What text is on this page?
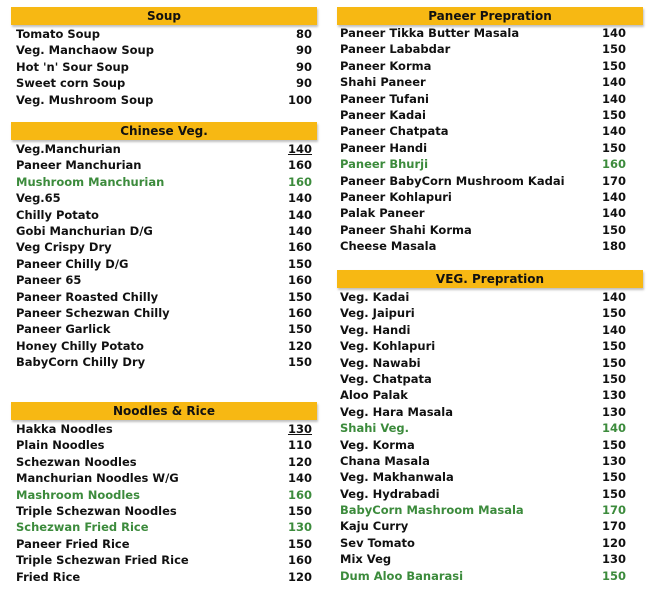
Soup
Tomato Soup	80
Veg. Manchaow Soup	90
Hot 'n' Sour Soup	90
Sweet corn Soup	90
Veg. Mushroom Soup	100
Chinese Veg.
Veg.Manchurian	140
Paneer Manchurian	160
Mushroom Manchurian	160
Veg.65	140
Chilly Potato	140
Gobi Manchurian D/G	140
Veg Crispy Dry	160
Paneer Chilly D/G	150
Paneer 65	160
Paneer Roasted Chilly	150
Paneer Schezwan Chilly	160
Paneer Garlick	150
Honey Chilly Potato	120
BabyCorn Chilly Dry	150
Noodles & Rice
Hakka Noodles	130
Plain Noodles	110
Schezwan Noodles	120
Manchurian Noodles W/G	140
Mashroom Noodles	160
Triple Schezwan Noodles	150
Schezwan Fried Rice	130
Paneer Fried Rice	150
Triple Schezwan Fried Rice	160
Fried Rice	120
Paneer Prepration
Paneer Tikka Butter Masala	140
Paneer Lababdar	150
Paneer Korma	150
Shahi Paneer	140
Paneer Tufani	140
Paneer Kadai	150
Paneer Chatpata	140
Paneer Handi	150
Paneer Bhurji	160
Paneer BabyCorn Mushroom Kadai	170
Paneer Kohlapuri	140
Palak Paneer	140
Paneer Shahi Korma	150
Cheese Masala	180
VEG. Prepration
Veg. Kadai	140
Veg. Jaipuri	150
Veg. Handi	140
Veg. Kohlapuri	150
Veg. Nawabi	150
Veg. Chatpata	150
Aloo Palak	130
Veg. Hara Masala	130
Shahi Veg.	140
Veg. Korma	150
Chana Masala	130
Veg. Makhanwala	150
Veg. Hydrabadi	150
BabyCorn Mashroom Masala	170
Kaju Curry	170
Sev Tomato	120
Mix Veg	130
Dum Aloo Banarasi	150
